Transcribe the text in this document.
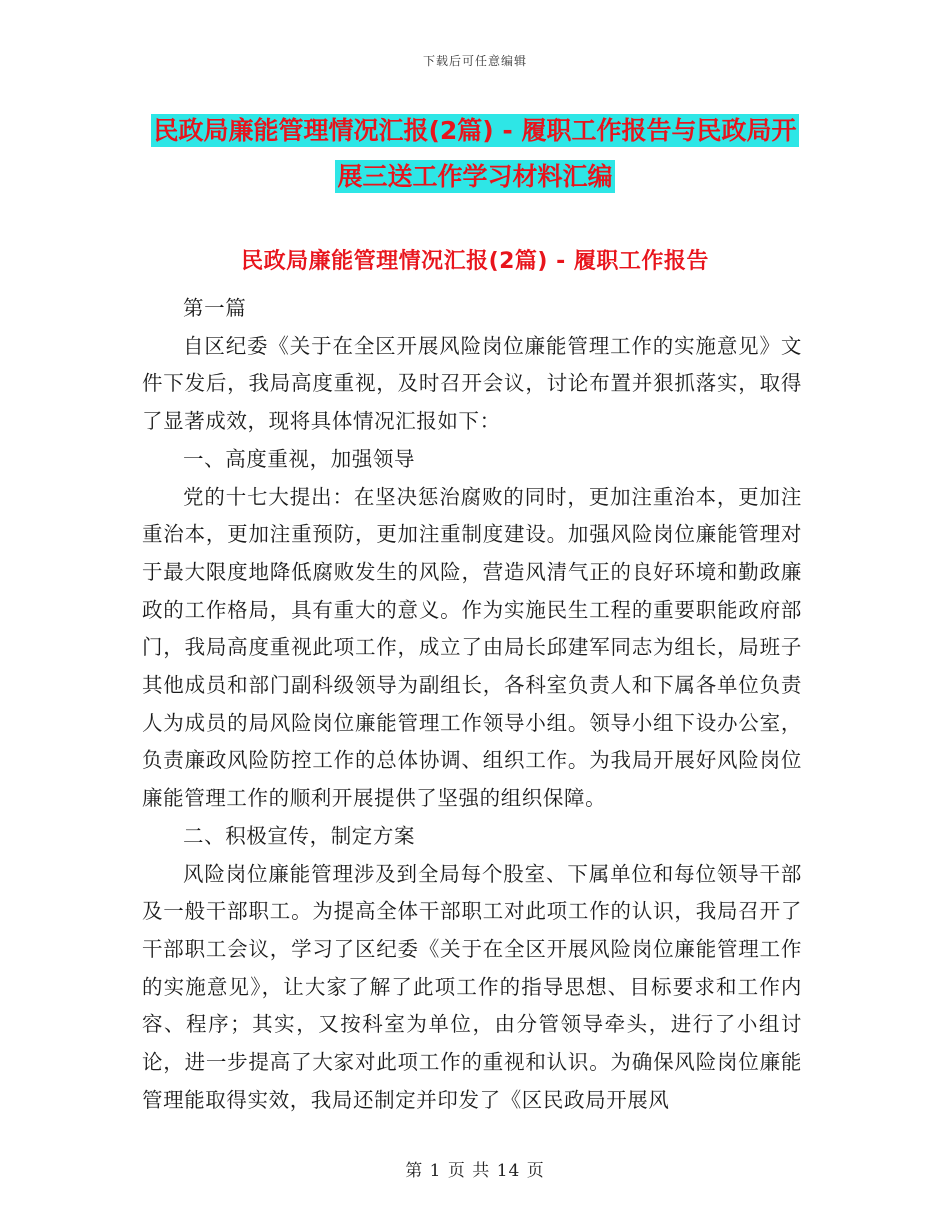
下载后可任意编辑
民政局廉能管理情况汇报(2篇) - 履职工作报告与民政局开展三送工作学习材料汇编
民政局廉能管理情况汇报(2篇) - 履职工作报告

第一篇

自区纪委《关于在全区开展风险岗位廉能管理工作的实施意见》文件下发后，我局高度重视，及时召开会议，讨论布置并狠抓落实，取得了显著成效，现将具体情况汇报如下：

一、高度重视，加强领导

党的十七大提出：在坚决惩治腐败的同时，更加注重治本，更加注重治本，更加注重预防，更加注重制度建设。加强风险岗位廉能管理对于最大限度地降低腐败发生的风险，营造风清气正的良好环境和勤政廉政的工作格局，具有重大的意义。作为实施民生工程的重要职能政府部门，我局高度重视此项工作，成立了由局长邱建军同志为组长，局班子其他成员和部门副科级领导为副组长，各科室负责人和下属各单位负责人为成员的局风险岗位廉能管理工作领导小组。领导小组下设办公室，负责廉政风险防控工作的总体协调、组织工作。为我局开展好风险岗位廉能管理工作的顺利开展提供了坚强的组织保障。

二、积极宣传，制定方案

风险岗位廉能管理涉及到全局每个股室、下属单位和每位领导干部及一般干部职工。为提高全体干部职工对此项工作的认识，我局召开了干部职工会议，学习了区纪委《关于在全区开展风险岗位廉能管理工作的实施意见》，让大家了解了此项工作的指导思想、目标要求和工作内容、程序；其实，又按科室为单位，由分管领导牵头，进行了小组讨论，进一步提高了大家对此项工作的重视和认识。为确保风险岗位廉能管理能取得实效，我局还制定并印发了《区民政局开展风

第 1 页 共 14 页
